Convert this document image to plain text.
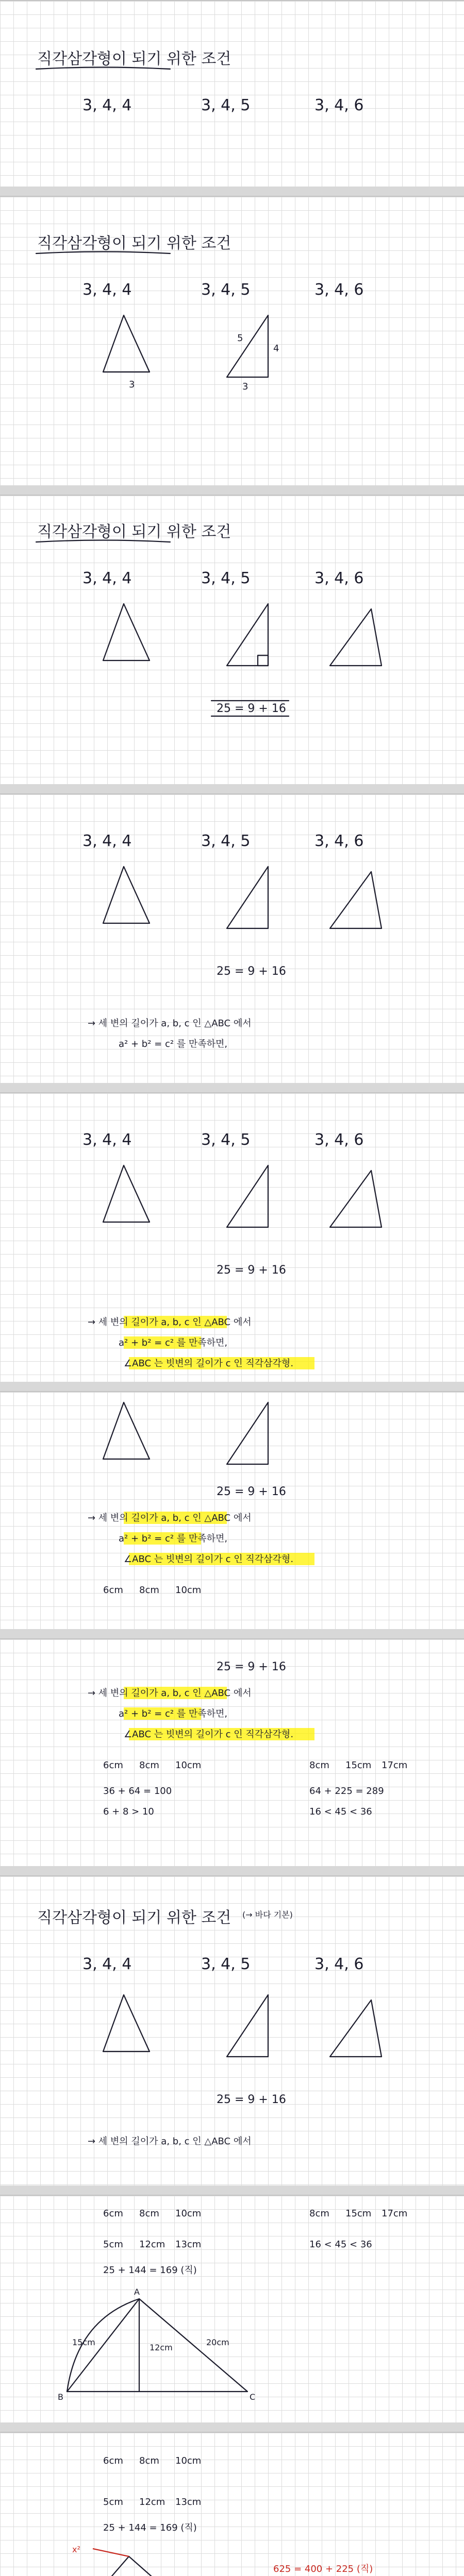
직각삼각형이 되기 위한 조건
3, 4, 4	3, 4, 5	3, 4, 6
직각삼각형이 되기 위한 조건
3, 4, 4	3, 4, 5	3, 4, 6
3	3
4
5
직각삼각형이 되기 위한 조건
3, 4, 4	3, 4, 5	3, 4, 6
25 = 9 + 16
3, 4, 4	3, 4, 5	3, 4, 6
25 = 9 + 16
→ 세 변의 길이가 a, b, c 인 △ABC 에서
a² + b² = c² 를 만족하면,
3, 4, 4	3, 4, 5	3, 4, 6
25 = 9 + 16
→ 세 변의 길이가 a, b, c 인 △ABC 에서
a² + b² = c² 를 만족하면,
∠ABC 는 빗변의 길이가 c 인 직각삼각형.
25 = 9 + 16
→ 세 변의 길이가 a, b, c 인 △ABC 에서
a² + b² = c² 를 만족하면,
∠ABC 는 빗변의 길이가 c 인 직각삼각형.
6cm 8cm 10cm
25 = 9 + 16
→ 세 변의 길이가 a, b, c 인 △ABC 에서
a² + b² = c² 를 만족하면,
∠ABC 는 빗변의 길이가 c 인 직각삼각형.
6cm 8cm 10cm
36 + 64 = 100
6 + 8 > 10
8cm 15cm 17cm
64 + 225 = 289
16 < 45 < 36
직각삼각형이 되기 위한 조건 (→ 바다 기본)
3, 4, 4	3, 4, 5	3, 4, 6
25 = 9 + 16
→ 세 변의 길이가 a, b, c 인 △ABC 에서
6cm 8cm 10cm
5cm 12cm 13cm
25 + 144 = 169 (직)
A
B	C
12cm
15cm	20cm
8cm 15cm 17cm
16 < 45 < 36
6cm 8cm 10cm
5cm 12cm 13cm
25 + 144 = 169 (직)
x²
625 = 400 + 225 (직)
